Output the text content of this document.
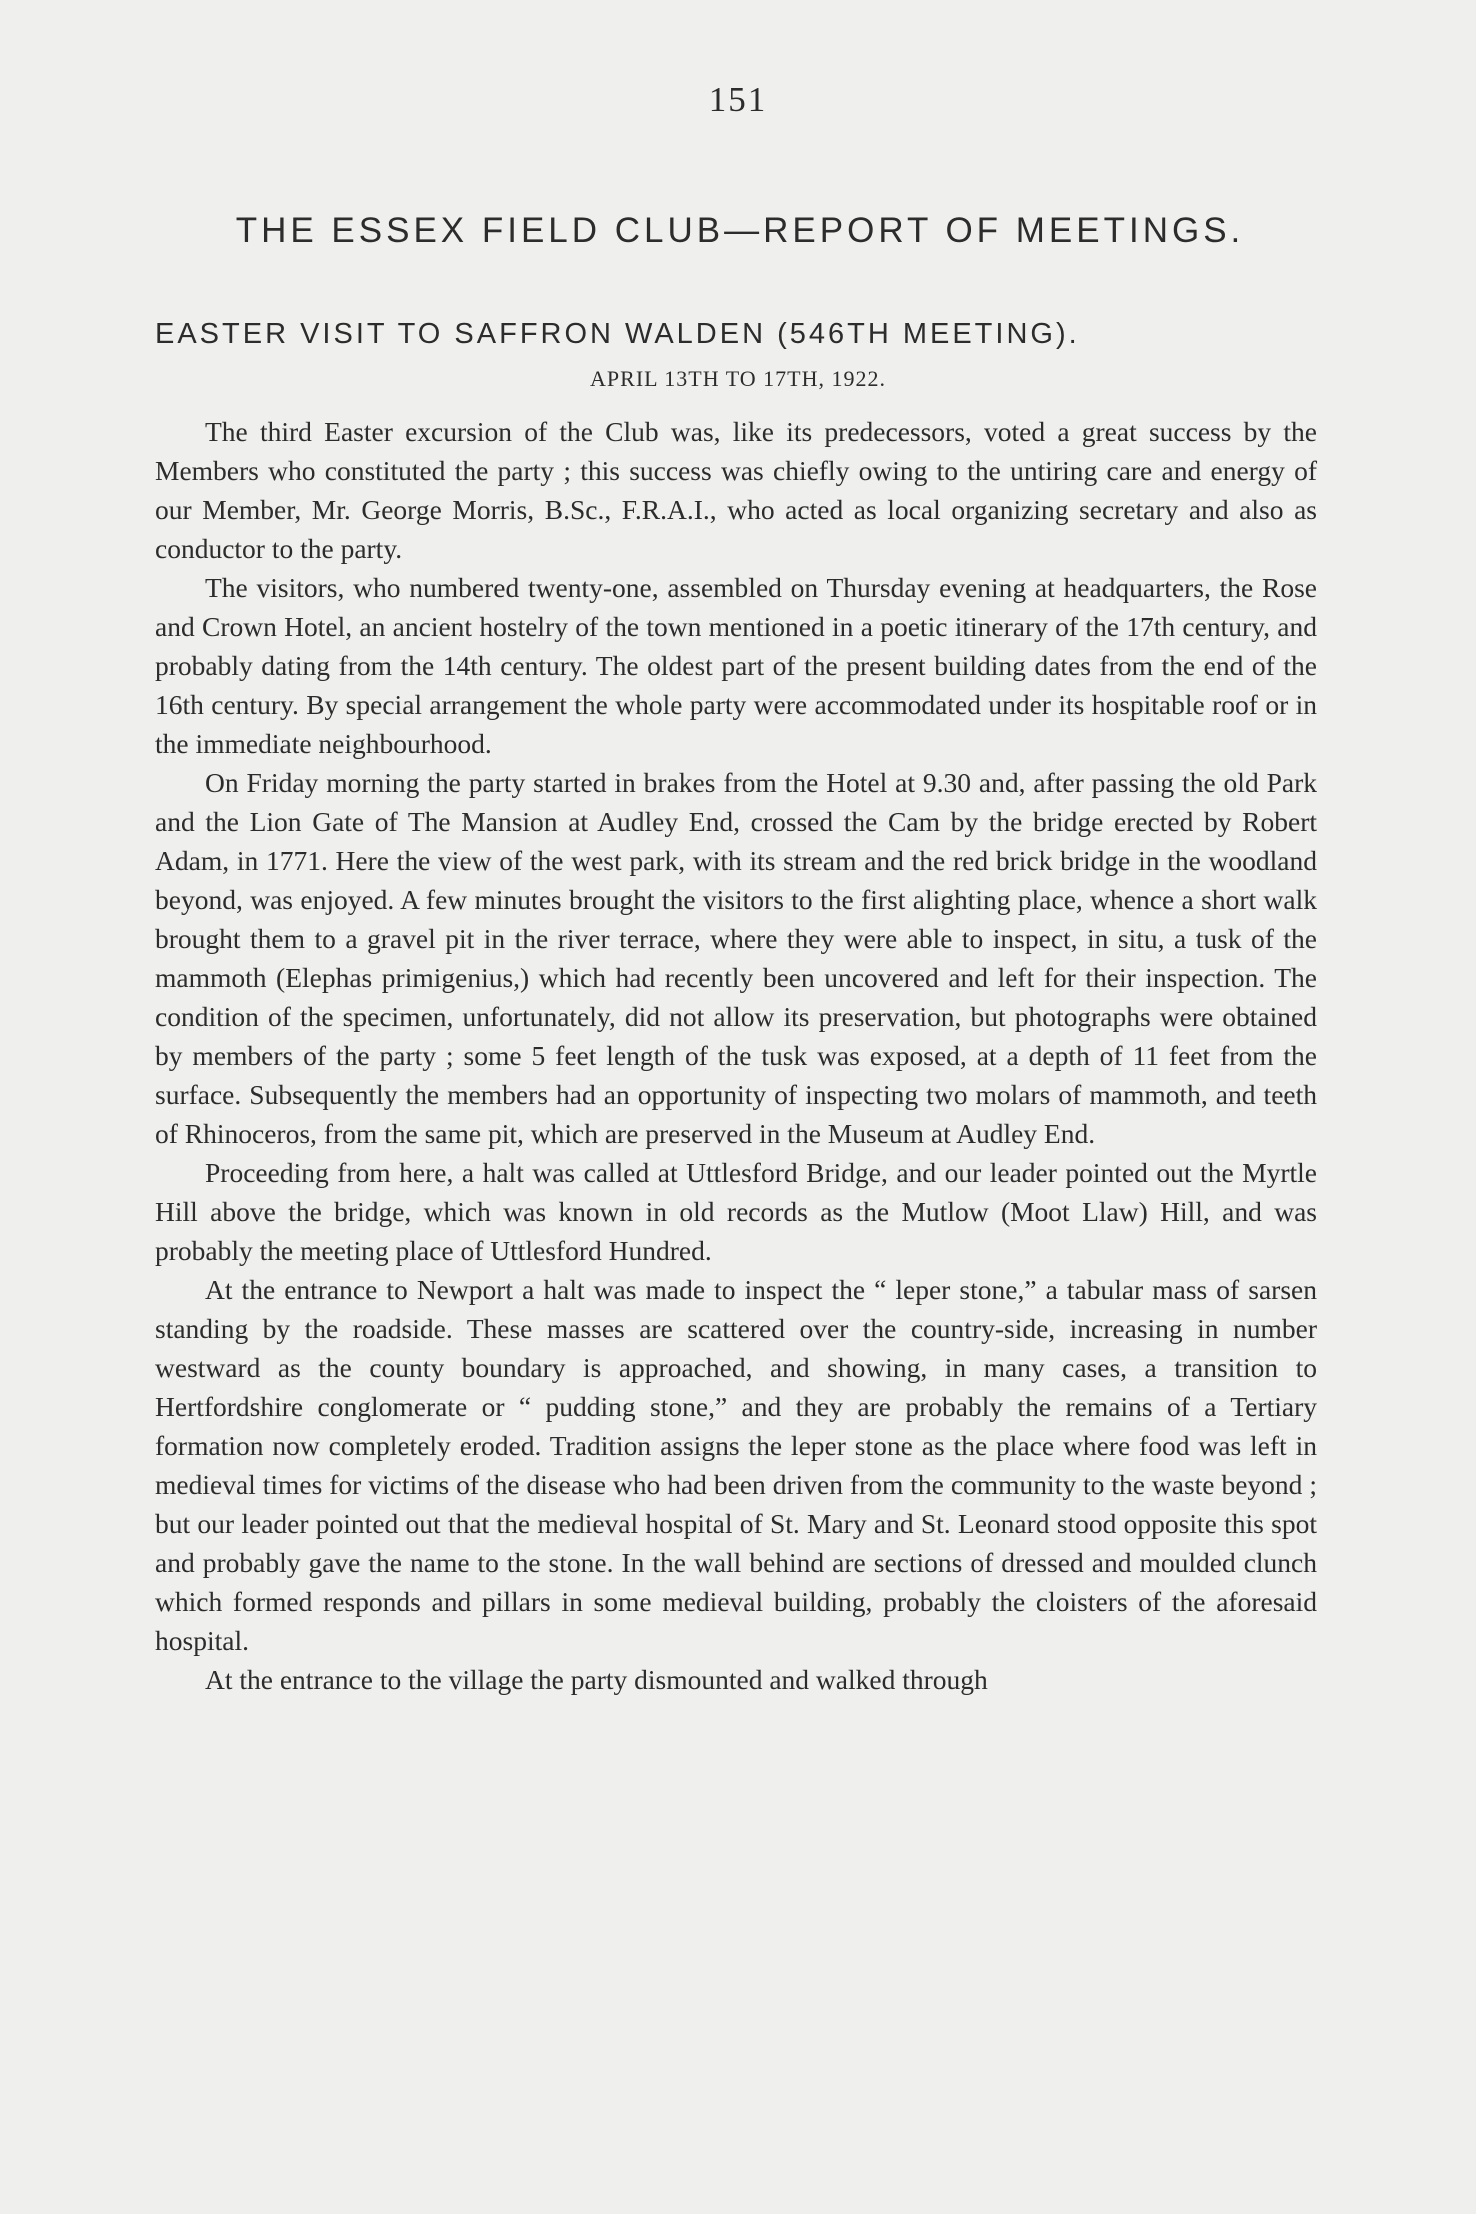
151
THE ESSEX FIELD CLUB—REPORT OF MEETINGS.
EASTER VISIT TO SAFFRON WALDEN (546TH MEETING).
APRIL 13TH TO 17TH, 1922.

The third Easter excursion of the Club was, like its predecessors, voted a great success by the Members who constituted the party ; this success was chiefly owing to the untiring care and energy of our Member, Mr. George Morris, B.Sc., F.R.A.I., who acted as local organizing secretary and also as conductor to the party.

The visitors, who numbered twenty-one, assembled on Thursday evening at headquarters, the Rose and Crown Hotel, an ancient hostelry of the town mentioned in a poetic itinerary of the 17th century, and probably dating from the 14th century. The oldest part of the present building dates from the end of the 16th century. By special arrangement the whole party were accommodated under its hospitable roof or in the immediate neighbourhood.

On Friday morning the party started in brakes from the Hotel at 9.30 and, after passing the old Park and the Lion Gate of The Mansion at Audley End, crossed the Cam by the bridge erected by Robert Adam, in 1771. Here the view of the west park, with its stream and the red brick bridge in the woodland beyond, was enjoyed. A few minutes brought the visitors to the first alighting place, whence a short walk brought them to a gravel pit in the river terrace, where they were able to inspect, in situ, a tusk of the mammoth (Elephas primigenius,) which had recently been uncovered and left for their inspection. The condition of the specimen, unfortunately, did not allow its preservation, but photographs were obtained by members of the party ; some 5 feet length of the tusk was exposed, at a depth of 11 feet from the surface. Subsequently the members had an opportunity of inspecting two molars of mammoth, and teeth of Rhinoceros, from the same pit, which are preserved in the Museum at Audley End.

Proceeding from here, a halt was called at Uttlesford Bridge, and our leader pointed out the Myrtle Hill above the bridge, which was known in old records as the Mutlow (Moot Llaw) Hill, and was probably the meeting place of Uttlesford Hundred.

At the entrance to Newport a halt was made to inspect the “ leper stone,” a tabular mass of sarsen standing by the roadside. These masses are scattered over the country-side, increasing in number westward as the county boundary is approached, and showing, in many cases, a transition to Hertfordshire conglomerate or “ pudding stone,” and they are probably the remains of a Tertiary formation now completely eroded. Tradition assigns the leper stone as the place where food was left in medieval times for victims of the disease who had been driven from the community to the waste beyond ; but our leader pointed out that the medieval hospital of St. Mary and St. Leonard stood opposite this spot and probably gave the name to the stone. In the wall behind are sections of dressed and moulded clunch which formed responds and pillars in some medieval building, probably the cloisters of the aforesaid hospital.

At the entrance to the village the party dismounted and walked through
